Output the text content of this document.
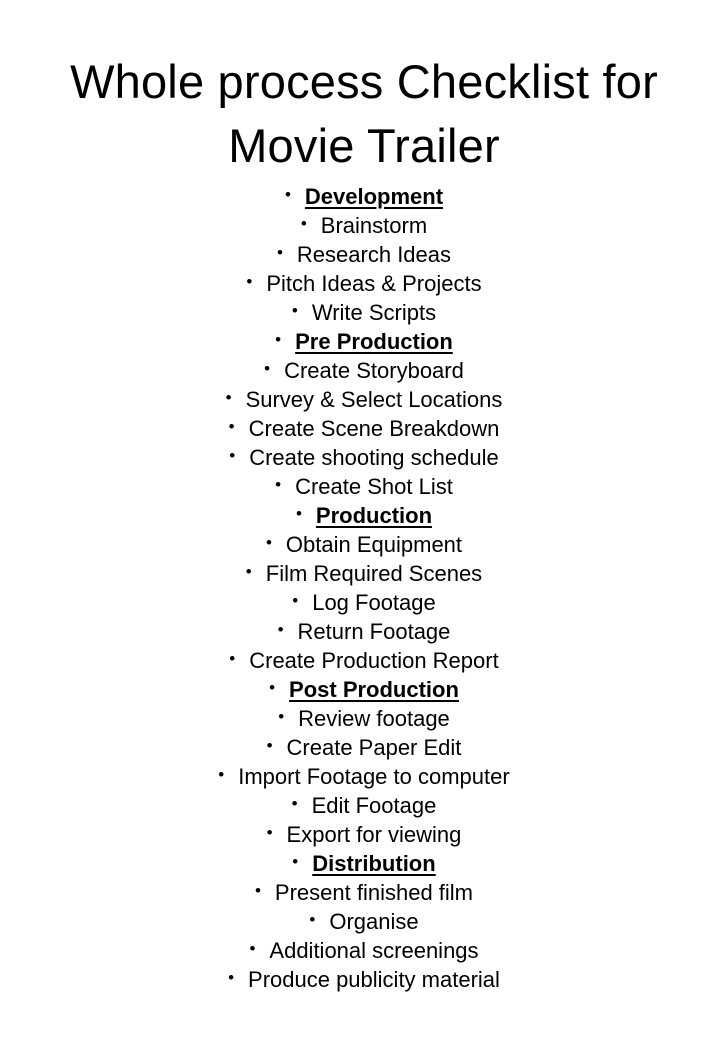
Whole process Checklist for
Movie Trailer
• Development
• Brainstorm
• Research Ideas
• Pitch Ideas & Projects
• Write Scripts
• Pre Production
• Create Storyboard
• Survey & Select Locations
• Create Scene Breakdown
• Create shooting schedule
• Create Shot List
• Production
• Obtain Equipment
• Film Required Scenes
• Log Footage
• Return Footage
• Create Production Report
• Post Production
• Review footage
• Create Paper Edit
• Import Footage to computer
• Edit Footage
• Export for viewing
• Distribution
• Present finished film
• Organise
• Additional screenings
• Produce publicity material
